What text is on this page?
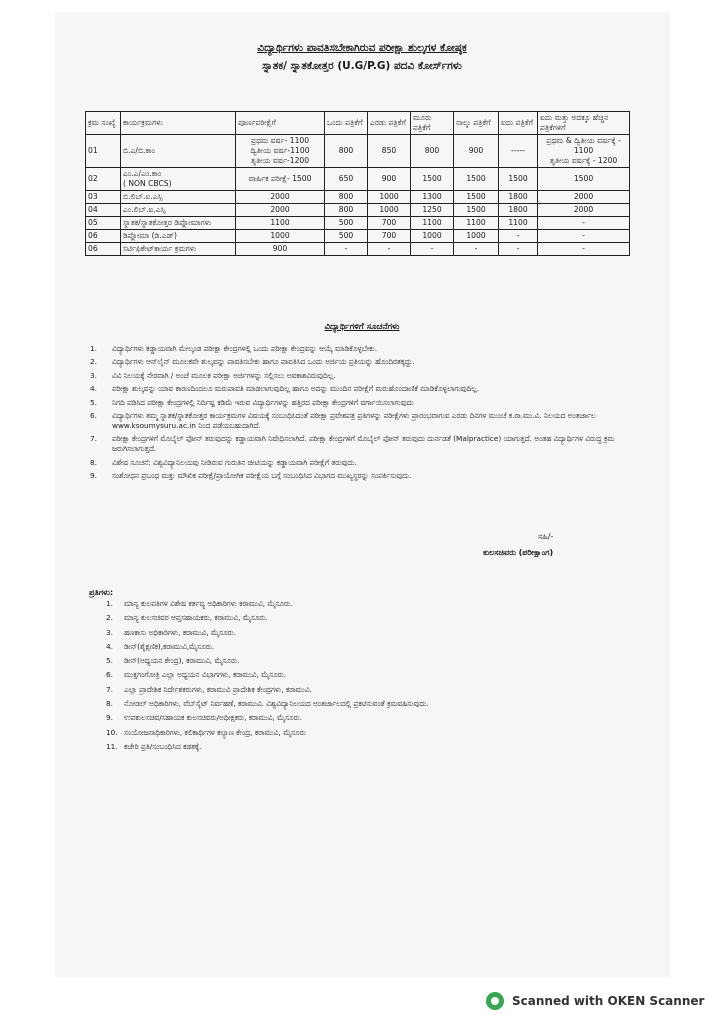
ವಿದ್ಯಾರ್ಥಿಗಳು ಪಾವತಿಸಬೇಕಾಗಿರುವ ಪರೀಕ್ಷಾ ಶುಲ್ಕಗಳ ಕೋಷ್ಠಕ
ಸ್ನಾತಕ/ ಸ್ನಾತಕೋತ್ತರ (U.G/P.G) ಪದವಿ ಕೋರ್ಸ್‌ಗಳು
ಕ್ರಮ ಸಂಖ್ಯೆ	ಕಾರ್ಯಕ್ರಮಗಳು	ಪೂರ್ಣಪರೀಕ್ಷೆಗೆ	ಒಂದು ಪತ್ರಿಕೆಗೆ	ಎರಡು ಪತ್ರಿಕೆಗೆ	ಮೂರು ಪತ್ರಿಕೆಗೆ	ನಾಲ್ಕು ಪತ್ರಿಕೆಗೆ	ಐದು ಪತ್ರಿಕೆಗೆ	ಐದು ಮತ್ತು ಅದಕ್ಕೂ ಹೆಚ್ಚಿನ ಪತ್ರಿಕೆಗಳಿಗೆ
01	ಬಿ.ಎ/ಬಿ.ಕಾಂ	ಪ್ರಥಮ ವರ್ಷ- 1100
ದ್ವಿತೀಯ ವರ್ಷ-1100
ತೃತೀಯ ವರ್ಷ-1200	800	850	800	900	-----	ಪ್ರಥಮ & ದ್ವಿತೀಯ ವರ್ಷಕ್ಕೆ - 1100
ತೃತೀಯ ವರ್ಷಕ್ಕೆ - 1200
02	ಎಂ.ಎ/ಎಂ.ಕಾಂ
( NON CBCS)	ವಾರ್ಷಿಕ ಪರೀಕ್ಷೆ- 1500	650	900	1500	1500	1500	1500
03	ಬಿ.ಲಿಬ್.ಐ.ಎಸ್ಸಿ	2000	800	1000	1300	1500	1800	2000
04	ಎಂ.ಲಿಬ್.ಐ.ಎಸ್ಸಿ	2000	800	1000	1250	1500	1800	2000
05	ಸ್ನಾತಕ/ಸ್ನಾತಕೋತ್ತರ ಡಿಪ್ಲೋಮಾಗಳು	1100	500	700	1100	1100	1100	-
06	ಡಿಪ್ಲೋಮಾ (ಡಿ.ಎಡ್)	1000	500	700	1000	1000	-	-
06	ಸರ್ಟಿಫಿಕೇಟ್‌ಕಾರ್ಯ ಕ್ರಮಗಳು	900	-	-	-	-	-	-
ವಿದ್ಯಾರ್ಥಿಗಳಿಗೆ ಸೂಚನೆಗಳು
1.	ವಿದ್ಯಾರ್ಥಿಗಳು ಕಡ್ಡಾಯವಾಗಿ ಮೇಲ್ಕಂಡ ಪರೀಕ್ಷಾ ಕೇಂದ್ರಗಳಲ್ಲಿ ಒಂದು ಪರೀಕ್ಷಾ ಕೇಂದ್ರವನ್ನು ಆಯ್ಕೆ ಮಾಡಿಕೊಳ್ಳಬೇಕು.
2.	ವಿದ್ಯಾರ್ಥಿಗಳು ಆನ್‌ಲೈನ್ ಮೂಲಕವೇ ಶುಲ್ಕವನ್ನು ಪಾವತಿಸಬೇಕು ಹಾಗೂ ಪಾವತಿಸಿದ ಒಂದು ಅರ್ಜಿಯ ಪ್ರತಿಯನ್ನು ಹೊಂದಿರತಕ್ಕದ್ದು.
3.	ವಿವಿ ನಿಲಯಕ್ಕೆ ನೇರವಾಗಿ / ಅಂಚೆ ಮೂಲಕ ಪರೀಕ್ಷಾ ಅರ್ಜಿಗಳನ್ನು ಸಲ್ಲಿಸಲು ಅವಕಾಶವಿರುವುದಿಲ್ಲ.
4.	ಪರೀಕ್ಷಾ ಶುಲ್ಕವನ್ನು ಯಾವ ಕಾರಣದಿಂದಲೂ ಮರುಪಾವತಿ ಮಾಡಲಾಗುವುದಿಲ್ಲ ಹಾಗೂ ಅದನ್ನು ಮುಂದಿನ ಪರೀಕ್ಷೆಗೆ ಮರುಹೊಂದಾಣಿಕೆ ಮಾಡಿಕೊಳ್ಳಲಾಗುವುದಿಲ್ಲ.
5.	ನಿಗದಿ ಪಡಿಸಿದ ಪರೀಕ್ಷಾ ಕೇಂದ್ರಗಳಲ್ಲಿ ನಿರ್ದಿಷ್ಟ ಕಡಿಮೆ ಇರುವ ವಿದ್ಯಾರ್ಥಿಗಳನ್ನು ಹತ್ತಿರದ ಪರೀಕ್ಷಾ ಕೇಂದ್ರಗಳಿಗೆ ವರ್ಗಾಯಿಸಲಾಗುವುದು
6.	ವಿದ್ಯಾರ್ಥಿಗಳು ತಮ್ಮ ಸ್ನಾತಕ/ಸ್ನಾತಕೋತ್ತರ ಕಾರ್ಯಕ್ರಮಗಳ ವಿಷಯಕ್ಕೆ ಸಂಬಂಧಿಸಿದಂತೆ ಪರೀಕ್ಷಾ ಪ್ರವೇಶಪತ್ರ ಪ್ರತಿಗಳನ್ನು ಪರೀಕ್ಷೆಗಳು ಪ್ರಾರಂಭವಾಗುವ ಎರಡು ದಿನಗಳ ಮುಂಚೆ ಕ.ರಾ.ಮು.ವಿ. ನಿಲಯದ ಅಂತರ್ಜಾಲ www.ksoumysuru.ac.in ನಿಂದ ಪಡೆಯಬಹುದಾಗಿದೆ.
7.	ಪರೀಕ್ಷಾ ಕೇಂದ್ರಗಳಿಗೆ ಮೊಬೈಲ್ ಫೋನ್ ತರುವುದನ್ನು ಕಡ್ಡಾಯವಾಗಿ ನಿಷೇಧಿಸಲಾಗಿದೆ. ಪರೀಕ್ಷಾ ಕೇಂದ್ರಗಳಿಗೆ ಮೊಬೈಲ್ ಫೋನ್ ತರುವುದು ದುರ್ನಡತೆ (Malpractice) ಯಾಗುತ್ತದೆ. ಅಂತಹ ವಿದ್ಯಾರ್ಥಿಗಳ ವಿರುದ್ಧ ಕ್ರಮ ಜರುಗಿಸಲಾಗುತ್ತದೆ.
8.	ವಿಶೇಷ ಸೂಚನೆ: ವಿಶ್ವವಿದ್ಯಾನಿಲಯವು ನೀಡಿರುವ ಗುರುತಿನ ಚೀಟಿಯನ್ನು ಕಡ್ಡಾಯವಾಗಿ ಪರೀಕ್ಷೆಗೆ ತರುವುದು.
9.	ಸಂಶೋಧನ ಪ್ರಬಂಧ ಮತ್ತು ಮೌಖಿಕ ಪರೀಕ್ಷೆ/ಪ್ರಾಯೋಗಿಕ ಪರೀಕ್ಷೆಯ ಬಗ್ಗೆ ಸಂಬಂಧಿಸಿದ ವಿಭಾಗದ ಮುಖ್ಯಸ್ಥರನ್ನು ಸಂಪರ್ಕಿಸುವುದು.
ಸಹಿ/-
ಕುಲಸಚಿವರು (ಪರೀಕ್ಷಾಂಗ)
ಪ್ರತಿಗಳು:
1.	ಮಾನ್ಯ ಕುಲಪತಿಗಳ ವಿಶೇಷ ಕರ್ತವ್ಯ ಅಧಿಕಾರಿಗಳು ಕರಾಮುವಿ, ಮೈಸೂರು.
2.	ಮಾನ್ಯ ಕುಲಸಚಿವರ ಆಪ್ತಸಹಾಯಕರು, ಕರಾಮುವಿ, ಮೈಸೂರು.
3.	ಹಣಕಾಸು ಅಧಿಕಾರಿಗಳು, ಕರಾಮುವಿ, ಮೈಸೂರು.
4.	ಡೀನ್(ಶೈಕ್ಷಣಿಕ),ಕರಾಮುವಿ,ಮೈಸೂರು.
5.	ಡೀನ್(ಅಧ್ಯಯನ ಕೇಂದ್ರ), ಕರಾಮುವಿ, ಮೈಸೂರು.
6.	ಮುಕ್ತಗಂಗೋತ್ರಿ ಎಲ್ಲಾ ಅಧ್ಯಯನ ವಿಭಾಗಗಳು, ಕರಾಮುವಿ, ಮೈಸೂರು.
7.	ಎಲ್ಲಾ ಪ್ರಾದೇಶಿಕ ನಿರ್ದೇಶಕರುಗಳು, ಕರಾಮುವಿ ಪ್ರಾದೇಶಿಕ ಕೇಂದ್ರಗಳು, ಕರಾಮುವಿ.
8.	ನೋಡಲ್ ಅಧಿಕಾರಿಗಳು, ವೆಬ್‌ಸೈಟ್ ನಿರ್ವಹಣೆ, ಕರಾಮುವಿ. ವಿಶ್ವವಿದ್ಯಾನಿಲಯದ ಅಂತರ್ಜಾಲದಲ್ಲಿ ಪ್ರಕಟಿಸುವಂತೆ ಕ್ರಮವಹಿಸುವುದು.
9.	ಉಪಕುಲಸಚಿವ/ಸಹಾಯಕ ಕುಲಸಚಿವರು/ಅಧೀಕ್ಷಕರು, ಕರಾಮುವಿ, ಮೈಸೂರು.
10. ಸಂಯೋಜನಾಧಿಕಾರಿಗಳು, ಕಲಿಕಾರ್ಥಿಗಳ ಕಲ್ಯಾಣ ಕೇಂದ್ರ, ಕರಾಮುವಿ, ಮೈಸೂರು
11. ಕಚೇರಿ ಪ್ರತಿ/ಸಂಬಂಧಿಸಿದ ಕಡತಕ್ಕೆ.
Scanned with OKEN Scanner
